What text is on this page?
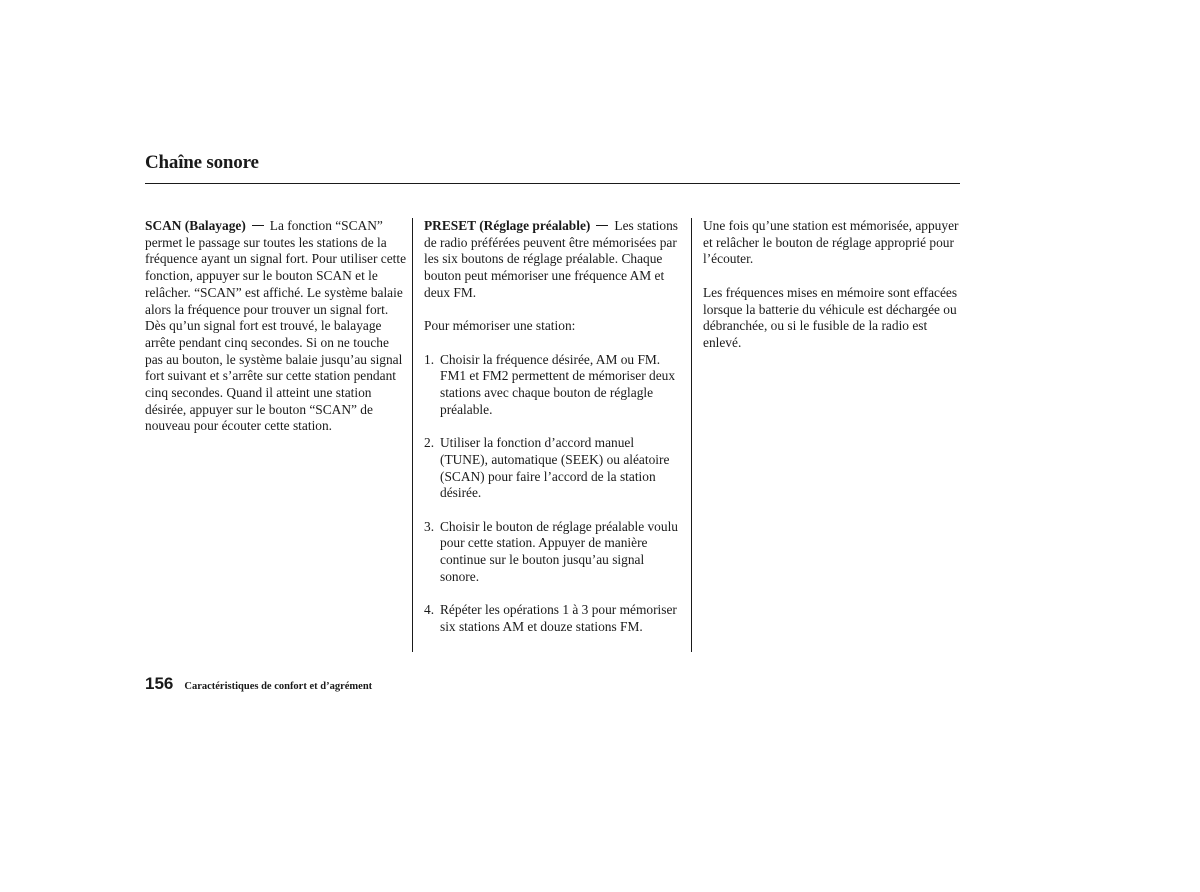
Chaîne sonore

SCAN (Balayage) La fonction “SCAN” permet le passage sur toutes les stations de la fréquence ayant un signal fort. Pour utiliser cette fonction, appuyer sur le bouton SCAN et le relâcher. “SCAN” est affiché. Le système balaie alors la fréquence pour trouver un signal fort. Dès qu’un signal fort est trouvé, le balayage arrête pendant cinq secondes. Si on ne touche pas au bouton, le système balaie jusqu’au signal fort suivant et s’arrête sur cette station pendant cinq secondes. Quand il atteint une station désirée, appuyer sur le bouton “SCAN” de nouveau pour écouter cette station.

PRESET (Réglage préalable) Les stations de radio préférées peuvent être mémorisées par les six boutons de réglage préalable. Chaque bouton peut mémoriser une fréquence AM et deux FM.

Pour mémoriser une station:

1. Choisir la fréquence désirée, AM ou FM. FM1 et FM2 permettent de mémoriser deux stations avec chaque bouton de réglagle préalable.
2. Utiliser la fonction d’accord manuel (TUNE), automatique (SEEK) ou aléatoire (SCAN) pour faire l’accord de la station désirée.
3. Choisir le bouton de réglage préalable voulu pour cette station. Appuyer de manière continue sur le bouton jusqu’au signal sonore.
4. Répéter les opérations 1 à 3 pour mémoriser six stations AM et douze stations FM.

Une fois qu’une station est mémorisée, appuyer et relâcher le bouton de réglage approprié pour l’écouter.

Les fréquences mises en mémoire sont effacées lorsque la batterie du véhicule est déchargée ou débranchée, ou si le fusible de la radio est enlevé.

156 Caractéristiques de confort et d’agrément
